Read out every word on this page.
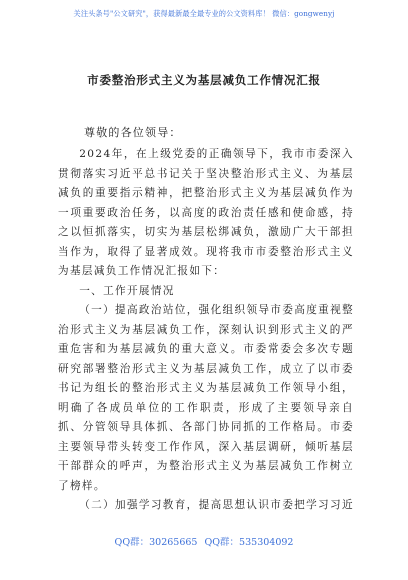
关注头条号"公文研究"，获得最新最全最专业的公文资料库！ 微信：gongwenyj
市委整治形式主义为基层减负工作情况汇报
尊敬的各位领导：

2024年，在上级党委的正确领导下，我市市委深入贯彻落实习近平总书记关于坚决整治形式主义、为基层减负的重要指示精神，把整治形式主义为基层减负作为一项重要政治任务，以高度的政治责任感和使命感，持之以恒抓落实，切实为基层松绑减负，激励广大干部担当作为，取得了显著成效。现将我市市委整治形式主义为基层减负工作情况汇报如下：

一、工作开展情况

（一）提高政治站位，强化组织领导市委高度重视整治形式主义为基层减负工作，深刻认识到形式主义的严重危害和为基层减负的重大意义。市委常委会多次专题研究部署整治形式主义为基层减负工作，成立了以市委书记为组长的整治形式主义为基层减负工作领导小组，明确了各成员单位的工作职责，形成了主要领导亲自抓、分管领导具体抓、各部门协同抓的工作格局。市委主要领导带头转变工作作风，深入基层调研，倾听基层干部群众的呼声，为整治形式主义为基层减负工作树立了榜样。

（二）加强学习教育，提高思想认识市委把学习习近

QQ群：30265665 QQ群：535304092
